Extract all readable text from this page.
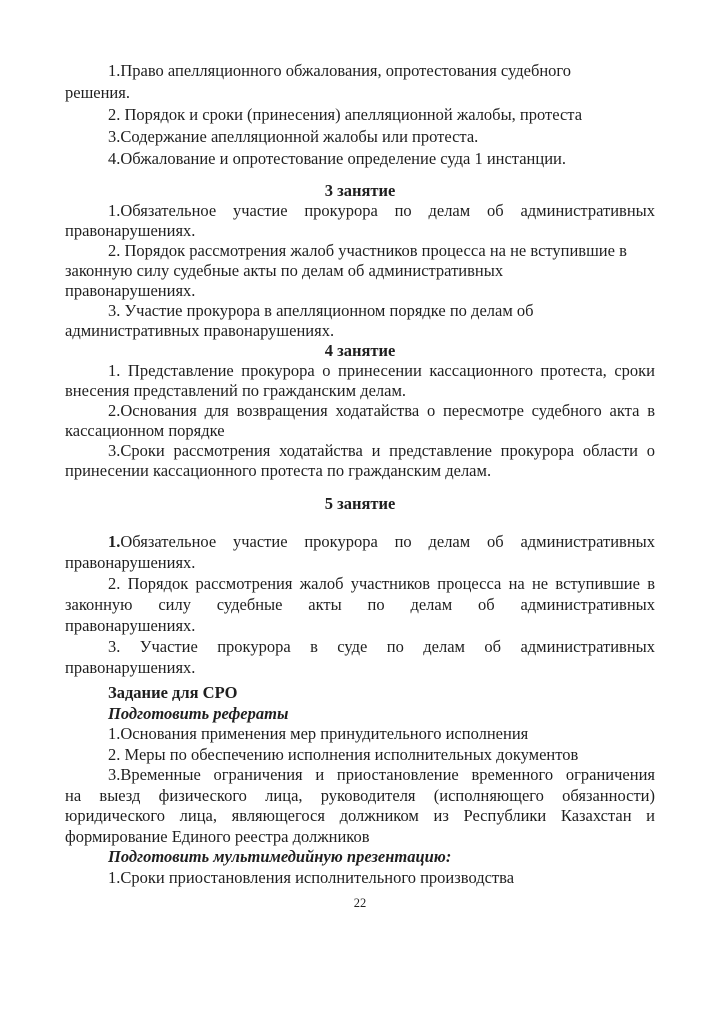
1.Право апелляционного обжалования, опротестования судебного
решения.
2. Порядок и сроки (принесения) апелляционной жалобы, протеста
3.Содержание апелляционной жалобы или протеста.
4.Обжалование и опротестование определение суда 1 инстанции.
3 занятие
1.Обязательное участие прокурора по делам об административных
правонарушениях.
2. Порядок рассмотрения жалоб участников процесса на не вступившие в
законную силу судебные акты по делам об административных
правонарушениях.
3. Участие прокурора в апелляционном порядке по делам об
административных правонарушениях.
4 занятие
1. Представление прокурора о принесении кассационного протеста, сроки
внесения представлений по гражданским делам.
2.Основания для возвращения ходатайства о пересмотре судебного акта в
кассационном порядке
3.Сроки рассмотрения ходатайства и представление прокурора области о
принесении кассационного протеста по гражданским делам.
5 занятие
1.Обязательное участие прокурора по делам об административных
правонарушениях.
2. Порядок рассмотрения жалоб участников процесса на не вступившие в
законную силу судебные акты по делам об административных
правонарушениях.
3. Участие прокурора в суде по делам об административных
правонарушениях.
Задание для СРО
Подготовить рефераты
1.Основания применения мер принудительного исполнения
2. Меры по обеспечению исполнения исполнительных документов
3.Временные ограничения и приостановление временного ограничения
на выезд физического лица, руководителя (исполняющего обязанности)
юридического лица, являющегося должником из Республики Казахстан и
формирование Единого реестра должников
Подготовить мультимедийную презентацию:
1.Сроки приостановления исполнительного производства
22
